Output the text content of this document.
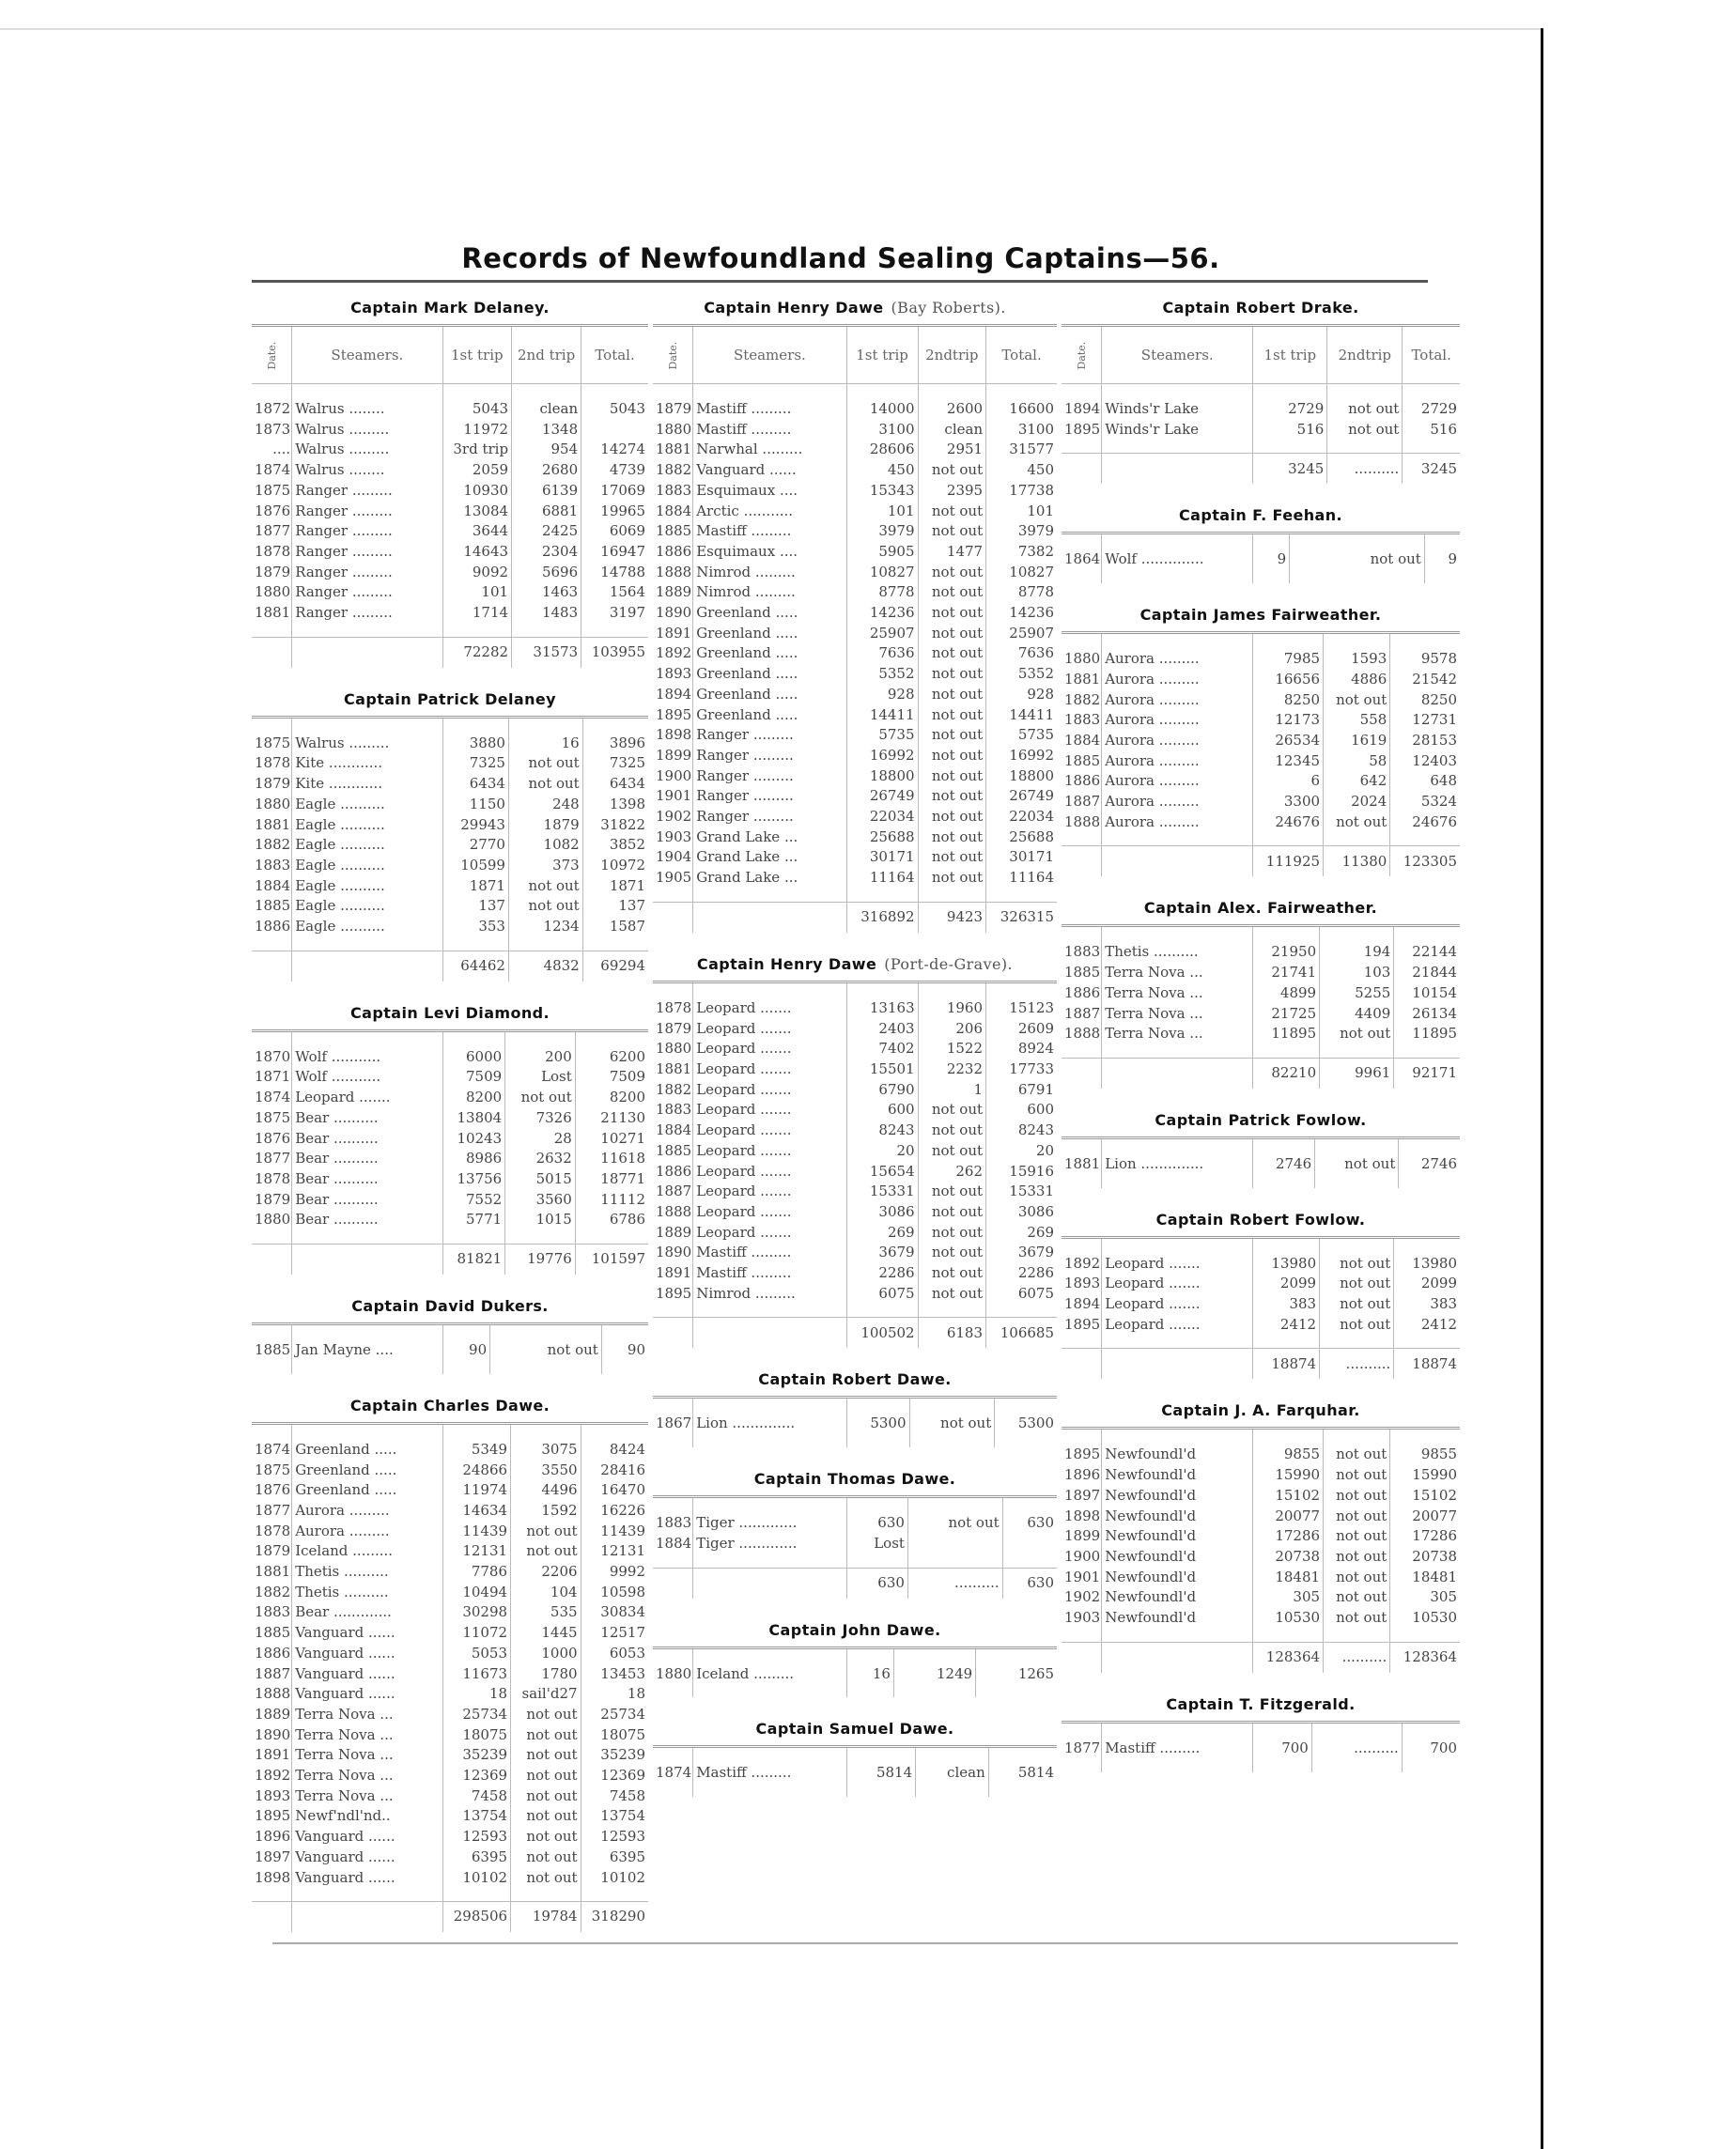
Records of Newfoundland Sealing Captains—56.
Captain Mark Delaney.
Date.	Steamers.	1st trip	2nd trip	Total.
1872	Walrus ........	5043	clean	5043
1873	Walrus .........	11972	1348	
....	Walrus .........	3rd trip	954	14274
1874	Walrus ........	2059	2680	4739
1875	Ranger .........	10930	6139	17069
1876	Ranger .........	13084	6881	19965
1877	Ranger .........	3644	2425	6069
1878	Ranger .........	14643	2304	16947
1879	Ranger .........	9092	5696	14788
1880	Ranger .........	101	1463	1564
1881	Ranger .........	1714	1483	3197
		72282	31573	103955
Captain Patrick Delaney
1875	Walrus .........	3880	16	3896
1878	Kite ............	7325	not out	7325
1879	Kite ............	6434	not out	6434
1880	Eagle ..........	1150	248	1398
1881	Eagle ..........	29943	1879	31822
1882	Eagle ..........	2770	1082	3852
1883	Eagle ..........	10599	373	10972
1884	Eagle ..........	1871	not out	1871
1885	Eagle ..........	137	not out	137
1886	Eagle ..........	353	1234	1587
		64462	4832	69294
Captain Levi Diamond.
1870	Wolf ...........	6000	200	6200
1871	Wolf ...........	7509	Lost	7509
1874	Leopard .......	8200	not out	8200
1875	Bear ..........	13804	7326	21130
1876	Bear ..........	10243	28	10271
1877	Bear ..........	8986	2632	11618
1878	Bear ..........	13756	5015	18771
1879	Bear ..........	7552	3560	11112
1880	Bear ..........	5771	1015	6786
		81821	19776	101597
Captain David Dukers.
1885	Jan Mayne ....	90	not out	90
Captain Charles Dawe.
1874	Greenland .....	5349	3075	8424
1875	Greenland .....	24866	3550	28416
1876	Greenland .....	11974	4496	16470
1877	Aurora .........	14634	1592	16226
1878	Aurora .........	11439	not out	11439
1879	Iceland .........	12131	not out	12131
1881	Thetis ..........	7786	2206	9992
1882	Thetis ..........	10494	104	10598
1883	Bear .............	30298	535	30834
1885	Vanguard ......	11072	1445	12517
1886	Vanguard ......	5053	1000	6053
1887	Vanguard ......	11673	1780	13453
1888	Vanguard ......	18	sail'd27	18
1889	Terra Nova ...	25734	not out	25734
1890	Terra Nova ...	18075	not out	18075
1891	Terra Nova ...	35239	not out	35239
1892	Terra Nova ...	12369	not out	12369
1893	Terra Nova ...	7458	not out	7458
1895	Newf'ndl'nd..	13754	not out	13754
1896	Vanguard ......	12593	not out	12593
1897	Vanguard ......	6395	not out	6395
1898	Vanguard ......	10102	not out	10102
		298506	19784	318290
Captain Henry Dawe (Bay Roberts).
Date.	Steamers.	1st trip	2ndtrip	Total.
1879	Mastiff .........	14000	2600	16600
1880	Mastiff .........	3100	clean	3100
1881	Narwhal .........	28606	2951	31577
1882	Vanguard ......	450	not out	450
1883	Esquimaux ....	15343	2395	17738
1884	Arctic ...........	101	not out	101
1885	Mastiff .........	3979	not out	3979
1886	Esquimaux ....	5905	1477	7382
1888	Nimrod .........	10827	not out	10827
1889	Nimrod .........	8778	not out	8778
1890	Greenland .....	14236	not out	14236
1891	Greenland .....	25907	not out	25907
1892	Greenland .....	7636	not out	7636
1893	Greenland .....	5352	not out	5352
1894	Greenland .....	928	not out	928
1895	Greenland .....	14411	not out	14411
1898	Ranger .........	5735	not out	5735
1899	Ranger .........	16992	not out	16992
1900	Ranger .........	18800	not out	18800
1901	Ranger .........	26749	not out	26749
1902	Ranger .........	22034	not out	22034
1903	Grand Lake ...	25688	not out	25688
1904	Grand Lake ...	30171	not out	30171
1905	Grand Lake ...	11164	not out	11164
		316892	9423	326315
Captain Henry Dawe (Port-de-Grave).
1878	Leopard .......	13163	1960	15123
1879	Leopard .......	2403	206	2609
1880	Leopard .......	7402	1522	8924
1881	Leopard .......	15501	2232	17733
1882	Leopard .......	6790	1	6791
1883	Leopard .......	600	not out	600
1884	Leopard .......	8243	not out	8243
1885	Leopard .......	20	not out	20
1886	Leopard .......	15654	262	15916
1887	Leopard .......	15331	not out	15331
1888	Leopard .......	3086	not out	3086
1889	Leopard .......	269	not out	269
1890	Mastiff .........	3679	not out	3679
1891	Mastiff .........	2286	not out	2286
1895	Nimrod .........	6075	not out	6075
		100502	6183	106685
Captain Robert Dawe.
1867	Lion ..............	5300	not out	5300
Captain Thomas Dawe.
1883	Tiger .............	630	not out	630
1884	Tiger .............	Lost		
		630	..........	630
Captain John Dawe.
1880	Iceland .........	16	1249	1265
Captain Samuel Dawe.
1874	Mastiff .........	5814	clean	5814
Captain Robert Drake.
Date.	Steamers.	1st trip	2ndtrip	Total.
1894	Winds'r Lake	2729	not out	2729
1895	Winds'r Lake	516	not out	516
		3245	..........	3245
Captain F. Feehan.
1864	Wolf ..............	9	not out	9
Captain James Fairweather.
1880	Aurora .........	7985	1593	9578
1881	Aurora .........	16656	4886	21542
1882	Aurora .........	8250	not out	8250
1883	Aurora .........	12173	558	12731
1884	Aurora .........	26534	1619	28153
1885	Aurora .........	12345	58	12403
1886	Aurora .........	6	642	648
1887	Aurora .........	3300	2024	5324
1888	Aurora .........	24676	not out	24676
		111925	11380	123305
Captain Alex. Fairweather.
1883	Thetis ..........	21950	194	22144
1885	Terra Nova ...	21741	103	21844
1886	Terra Nova ...	4899	5255	10154
1887	Terra Nova ...	21725	4409	26134
1888	Terra Nova ...	11895	not out	11895
		82210	9961	92171
Captain Patrick Fowlow.
1881	Lion ..............	2746	not out	2746
Captain Robert Fowlow.
1892	Leopard .......	13980	not out	13980
1893	Leopard .......	2099	not out	2099
1894	Leopard .......	383	not out	383
1895	Leopard .......	2412	not out	2412
		18874	..........	18874
Captain J. A. Farquhar.
1895	Newfoundl'd	9855	not out	9855
1896	Newfoundl'd	15990	not out	15990
1897	Newfoundl'd	15102	not out	15102
1898	Newfoundl'd	20077	not out	20077
1899	Newfoundl'd	17286	not out	17286
1900	Newfoundl'd	20738	not out	20738
1901	Newfoundl'd	18481	not out	18481
1902	Newfoundl'd	305	not out	305
1903	Newfoundl'd	10530	not out	10530
		128364	..........	128364
Captain T. Fitzgerald.
1877	Mastiff .........	700	..........	700
